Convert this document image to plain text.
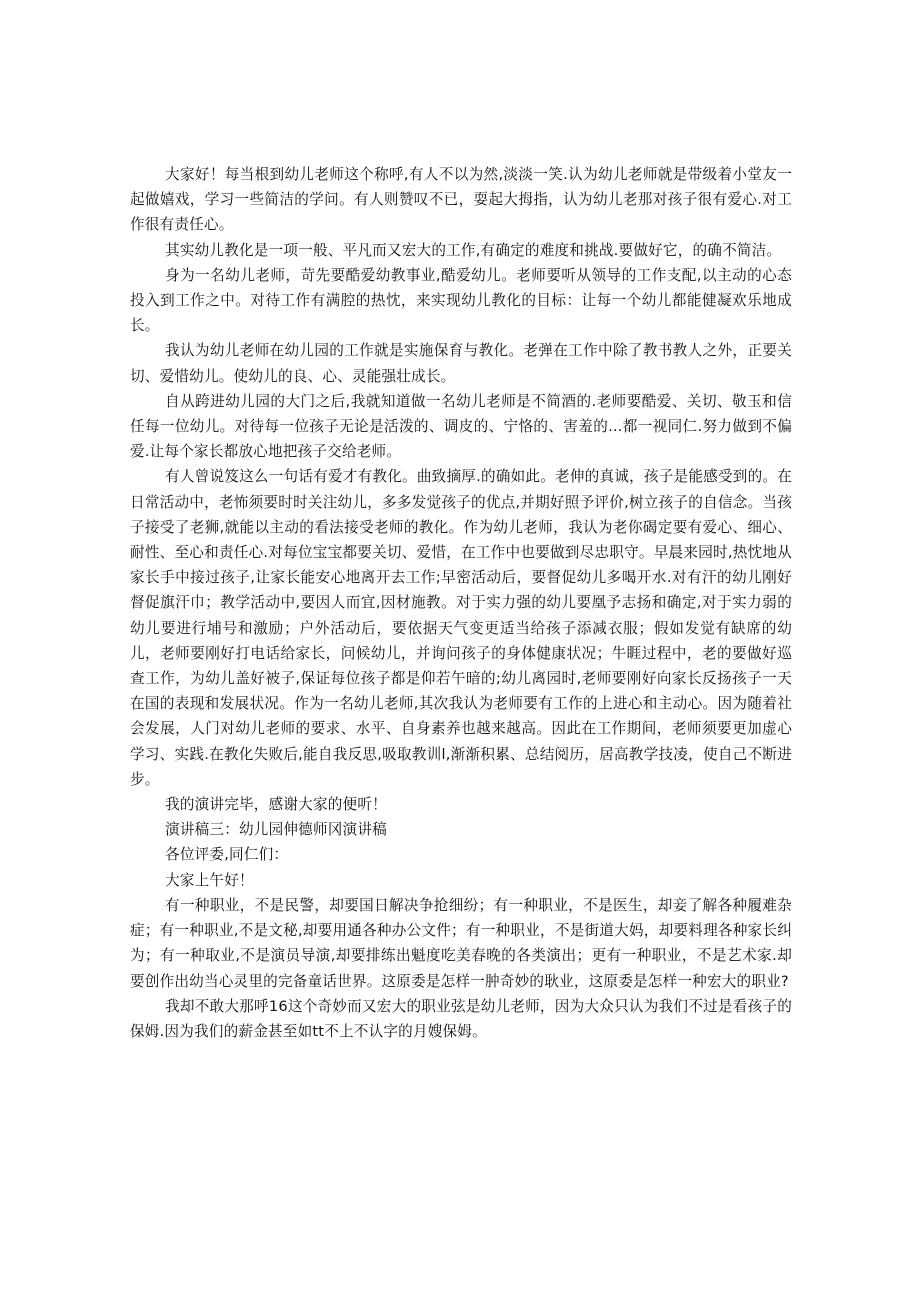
大家好！每当根到幼儿老师这个称呼,有人不以为然,淡淡一笑.认为幼儿老师就是带级着小堂友一起做嬉戏，学习一些简洁的学问。有人则赞叹不已，耍起大拇指，认为幼儿老那对孩子很有爱心.对工作很有责任心。

其实幼儿教化是一项一般、平凡而又宏大的工作,有确定的难度和挑战.要做好它，的确不简洁。

身为一名幼儿老师，苛先要酷爱幼教事业,酷爱幼儿。老师要听从领导的工作支配,以主动的心态投入到工作之中。对待工作有满腔的热忱，来实现幼儿教化的目标：让每一个幼儿都能健凝欢乐地成长。

我认为幼儿老师在幼儿园的工作就是实施保育与教化。老弹在工作中除了教书教人之外，正要关切、爱惜幼儿。使幼儿的良、心、灵能强壮成长。

自从跨进幼儿园的大门之后,我就知道做一名幼儿老师是不简酒的.老师要酷爱、关切、敬玉和信任每一位幼儿。对待每一位孩子无论是活泼的、调皮的、宁恪的、害羞的...都一视同仁.努力做到不偏爱.让每个家长都放心地把孩子交给老师。

有人曾说笈这么一句话有爱才有教化。曲致摘厚.的确如此。老伸的真诚，孩子是能感受到的。在日常活动中，老怖须要时时关注幼儿，多多发觉孩子的优点,并期好照予评价,树立孩子的自信念。当孩子接受了老狮,就能以主动的看法接受老师的教化。作为幼儿老师，我认为老你碣定要有爱心、细心、耐性、至心和责任心.对每位宝宝都要关切、爱惜，在工作中也要做到尽忠职守。早晨来园时,热忱地从家长手中接过孩子,让家长能安心地离开去工作;早密活动后，要督促幼儿多喝开水.对有汗的幼儿刚好督促旗汗巾；教学活动中,要因人而宜,因材施教。对于实力强的幼儿要凰予志扬和确定,对于实力弱的幼儿要进行埔号和激励；户外活动后，要依据天气变更适当给孩子添减衣服；假如发觉有缺席的幼儿，老师要刚好打电话给家长，问候幼儿，并询问孩子的身体健康状况；牛睚过程中，老的要做好巡查工作，为幼儿盖好被子,保证每位孩子都是仰若午暗的;幼儿离园时,老师要刚好向家长反扬孩子一天在国的表现和发展状况。作为一名幼儿老师,其次我认为老师要有工作的上进心和主动心。因为随着社会发展，人门对幼儿老师的要求、水平、自身素养也越来越高。因此在工作期间，老师须要更加虚心学习、实践.在教化失败后,能自我反思,吸取教训l,渐渐积累、总结阅历，居高教学技凌，使自己不断进步。

我的演讲完毕，感谢大家的便听！

演讲稿三：幼儿园伸德师冈演讲稿

各位评委,同仁们：

大家上午好！

有一种职业，不是民警，却要国日解决争抢细纷；有一种职业，不是医生，却妾了解各种履难杂症；有一种职业,不是文秘,却要用通各种办公文件；有一种职业，不是街道大妈，却要料理各种家长纠为；有一种取业,不是演员导演,却要排练出魁度吃美春晚的各类演出；更有一种职业，不是艺术家.却要创作出幼当心灵里的完备童话世界。这原委是怎样一肿奇妙的耿业，这原委是怎样一种宏大的职业?

我却不敢大那呼16这个奇妙而又宏大的职业弦是幼儿老师，因为大众只认为我们不过是看孩子的保姆.因为我们的薪金甚至如tt不上不认字的月嫂保姆。
